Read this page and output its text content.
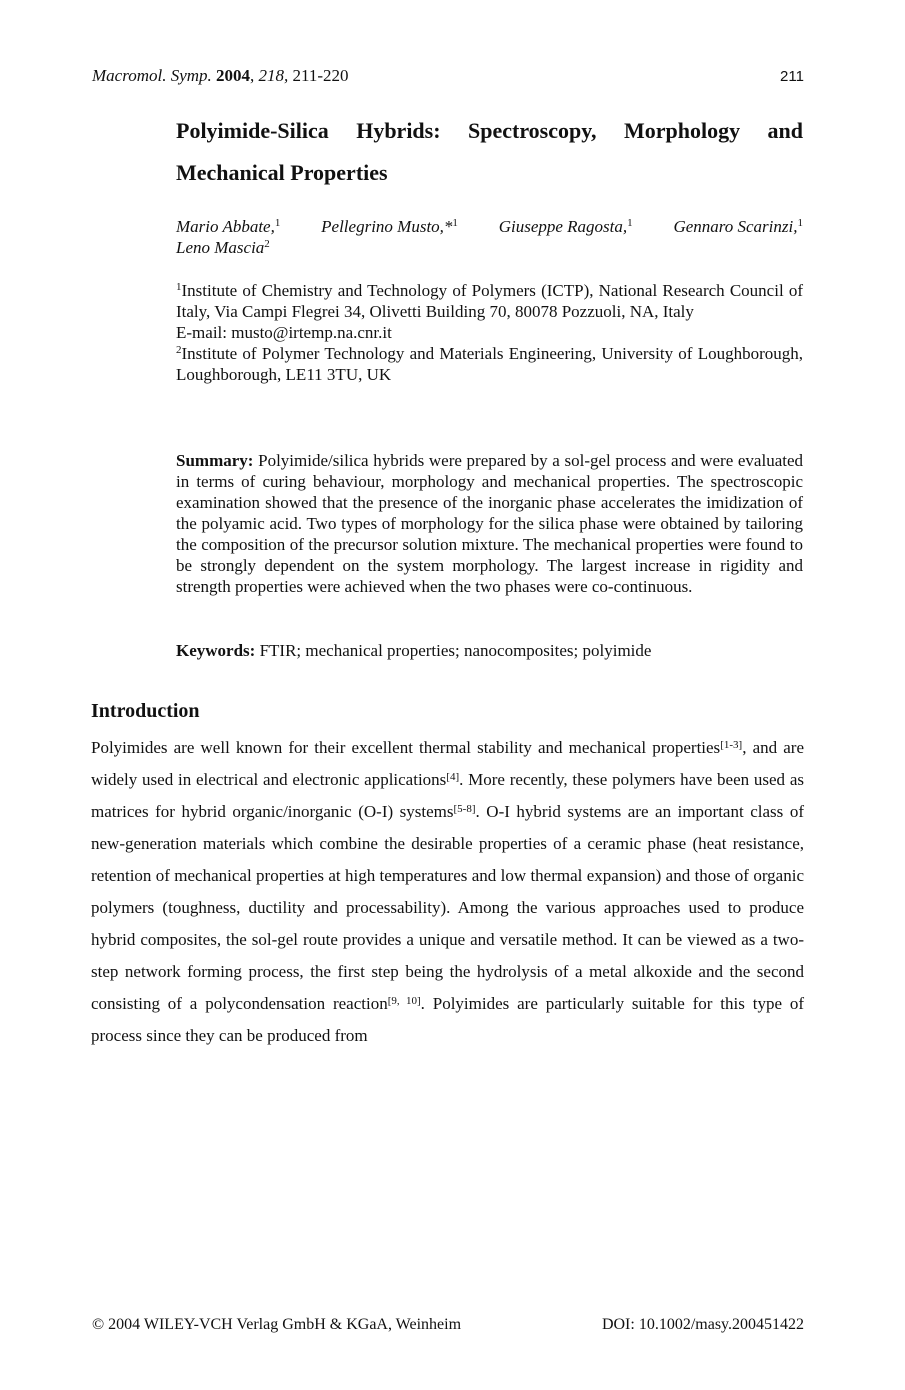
Macromol. Symp. 2004, 218, 211-220	211
Polyimide-Silica Hybrids: Spectroscopy, Morphology and
Mechanical Properties
Mario Abbate,$^1$ Pellegrino Musto,*$^1$ Giuseppe Ragosta,$^1$ Gennaro Scarinzi,$^1$
Leno Mascia$^2$
$^1$Institute of Chemistry and Technology of Polymers (ICTP), National Research Council of Italy, Via Campi Flegrei 34, Olivetti Building 70, 80078 Pozzuoli, NA, Italy
E-mail: musto@irtemp.na.cnr.it
$^2$Institute of Polymer Technology and Materials Engineering, University of Loughborough, Loughborough, LE11 3TU, UK
Summary: Polyimide/silica hybrids were prepared by a sol-gel process and were evaluated in terms of curing behaviour, morphology and mechanical properties. The spectroscopic examination showed that the presence of the inorganic phase accelerates the imidization of the polyamic acid. Two types of morphology for the silica phase were obtained by tailoring the composition of the precursor solution mixture. The mechanical properties were found to be strongly dependent on the system morphology. The largest increase in rigidity and strength properties were achieved when the two phases were co-continuous.
Keywords: FTIR; mechanical properties; nanocomposites; polyimide
Introduction
Polyimides are well known for their excellent thermal stability and mechanical properties[1-3], and are widely used in electrical and electronic applications[4]. More recently, these polymers have been used as matrices for hybrid organic/inorganic (O-I) systems[5-8]. O-I hybrid systems are an important class of new-generation materials which combine the desirable properties of a ceramic phase (heat resistance, retention of mechanical properties at high temperatures and low thermal expansion) and those of organic polymers (toughness, ductility and processability). Among the various approaches used to produce hybrid composites, the sol-gel route provides a unique and versatile method. It can be viewed as a two-step network forming process, the first step being the hydrolysis of a metal alkoxide and the second consisting of a polycondensation reaction[9, 10]. Polyimides are particularly suitable for this type of process since they can be produced from
© 2004 WILEY-VCH Verlag GmbH & KGaA, Weinheim	DOI: 10.1002/masy.200451422
